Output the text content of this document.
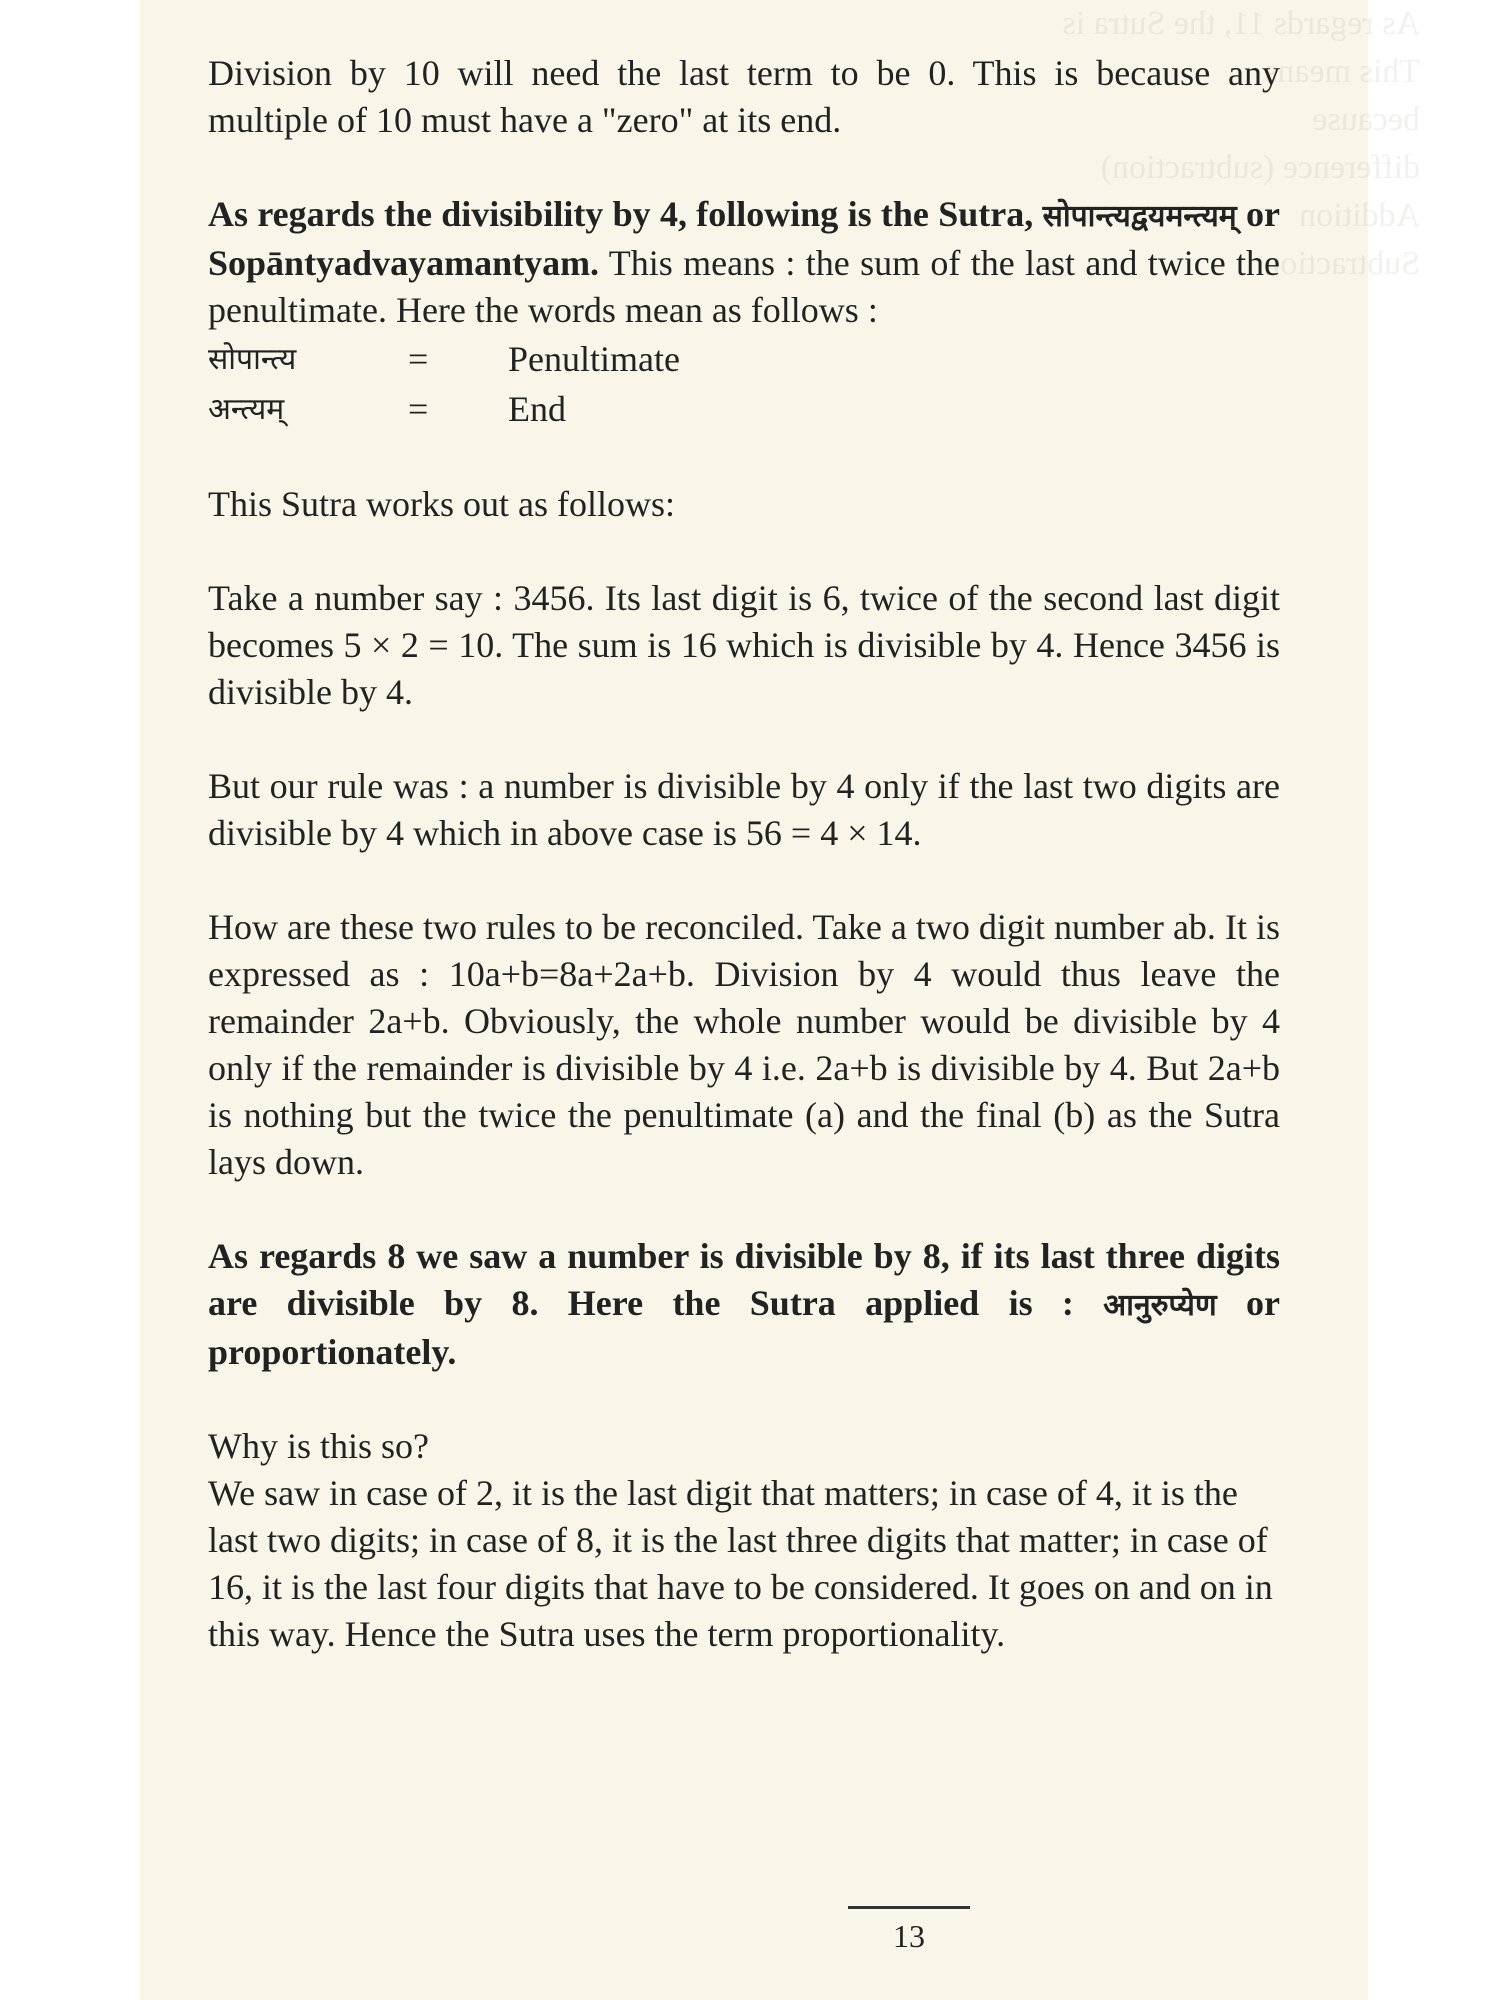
As regards 11, the Sutra is
This means
because
difference (subtraction)
Addition
Subtraction

Division by 10 will need the last term to be 0. This is because any multiple of 10 must have a "zero" at its end.

As regards the divisibility by 4, following is the Sutra, सोपान्त्यद्वयमन्त्यम् or Sopāntyadvayamantyam. This means : the sum of the last and twice the penultimate. Here the words mean as follows :

सोपान्त्य	=	Penultimate
अन्त्यम्	=	End

This Sutra works out as follows:

Take a number say : 3456. Its last digit is 6, twice of the second last digit becomes 5 × 2 = 10. The sum is 16 which is divisible by 4. Hence 3456 is divisible by 4.

But our rule was : a number is divisible by 4 only if the last two digits are divisible by 4 which in above case is 56 = 4 × 14.

How are these two rules to be reconciled. Take a two digit number ab. It is expressed as : 10a+b=8a+2a+b. Division by 4 would thus leave the remainder 2a+b. Obviously, the whole number would be divisible by 4 only if the remainder is divisible by 4 i.e. 2a+b is divisible by 4. But 2a+b is nothing but the twice the penultimate (a) and the final (b) as the Sutra lays down.

As regards 8 we saw a number is divisible by 8, if its last three digits are divisible by 8. Here the Sutra applied is : आनुरुप्येण or proportionately.

Why is this so?

We saw in case of 2, it is the last digit that matters; in case of 4, it is the last two digits; in case of 8, it is the last three digits that matter; in case of 16, it is the last four digits that have to be considered. It goes on and on in this way. Hence the Sutra uses the term proportionality.

13
